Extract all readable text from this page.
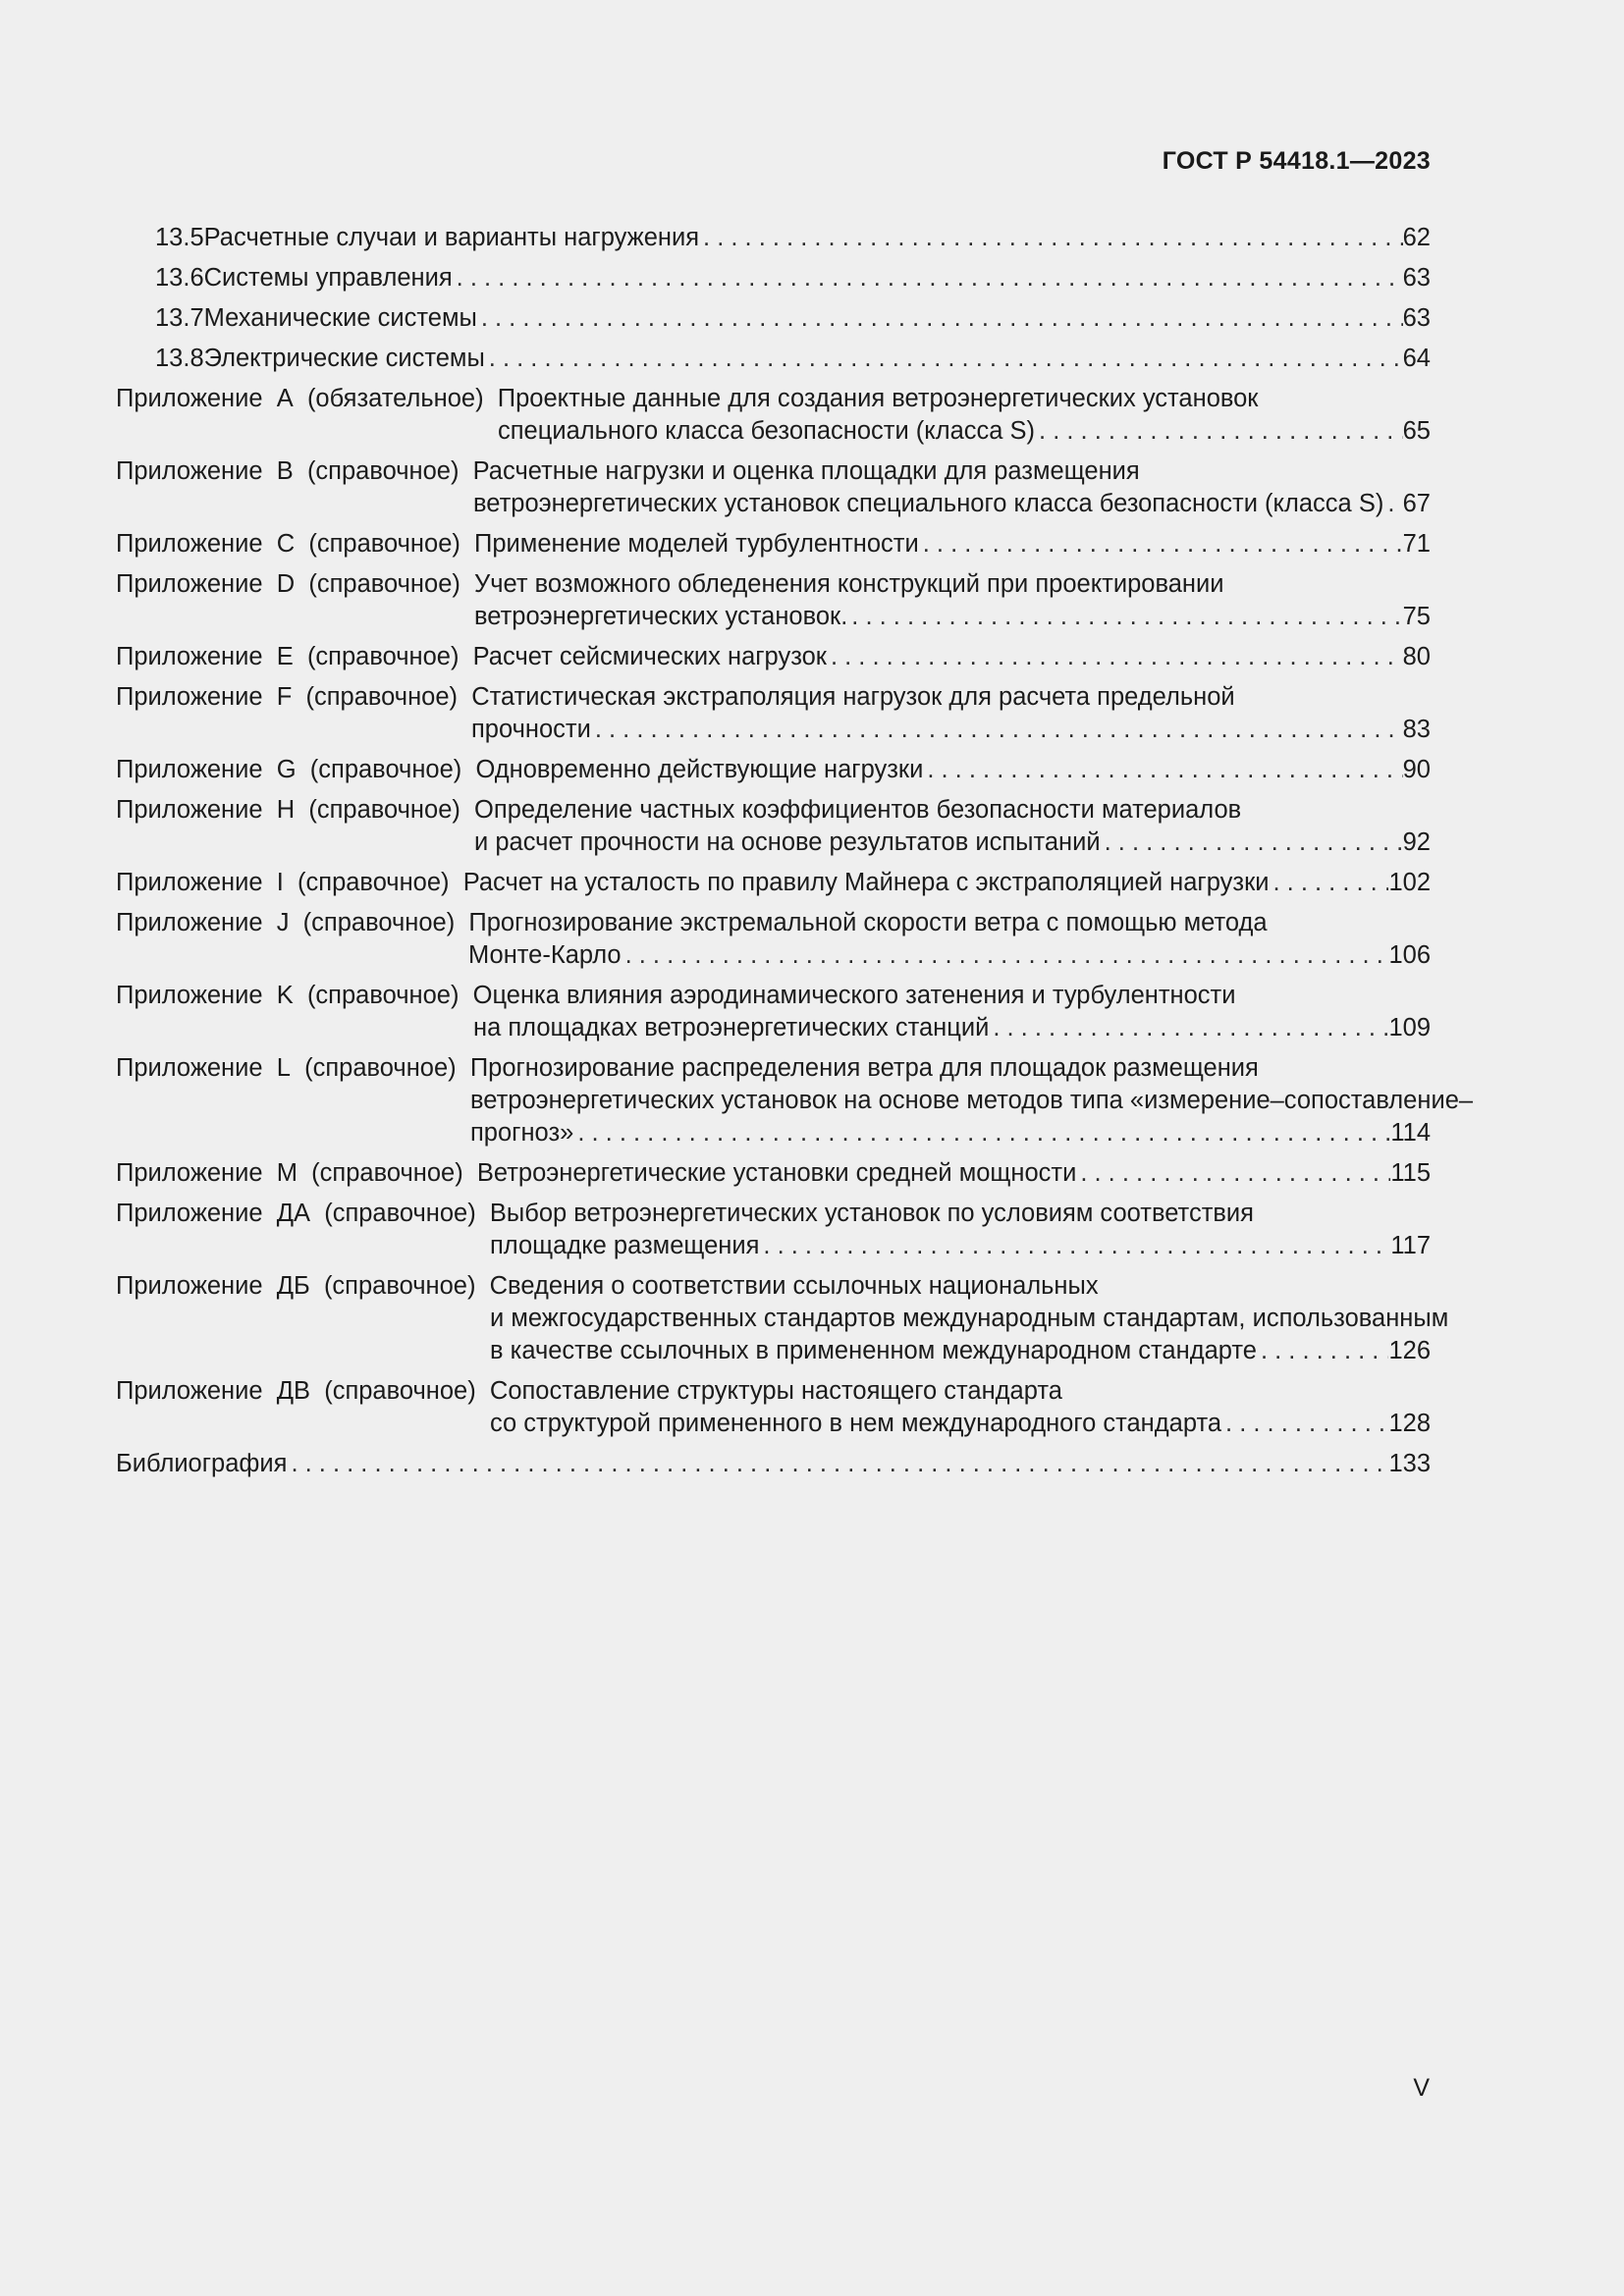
ГОСТ Р 54418.1—2023
13.5 Расчетные случаи и варианты нагружения . . .	62
13.6 Системы управления . . .	63
13.7 Механические системы . . .	63
13.8 Электрические системы . . .	64
Приложение
A
(обязательное)
Проектные данные для создания ветроэнергетических установок
специального класса безопасности (класса S) . . .	65
Приложение
B
(справочное)
Расчетные нагрузки и оценка площадки для размещения
ветроэнергетических установок специального класса безопасности (класса S) . . . 67
Приложение
C
(справочное)
Применение моделей турбулентности . . .	71
Приложение
D
(справочное)
Учет возможного обледенения конструкций при проектировании
ветроэнергетических установок. . . .	75
Приложение
E
(справочное)
Расчет сейсмических нагрузок . . .	80
Приложение
F
(справочное)
Статистическая экстраполяция нагрузок для расчета предельной
прочности . . .	83
Приложение
G
(справочное)
Одновременно действующие нагрузки . . .	90
Приложение
H
(справочное)
Определение частных коэффициентов безопасности материалов
и расчет прочности на основе результатов испытаний . . .	92
Приложение
I
(справочное)
Расчет на усталость по правилу Майнера с экстраполяцией нагрузки . . .	102
Приложение
J
(справочное)
Прогнозирование экстремальной скорости ветра с помощью метода
Монте-Карло . . .	106
Приложение
K
(справочное)
Оценка влияния аэродинамического затенения и турбулентности
на площадках ветроэнергетических станций . . .	109
Приложение
L
(справочное)
Прогнозирование распределения ветра для площадок размещения
ветроэнергетических установок на основе методов типа «измерение–сопоставление–
прогноз» . . .	114
Приложение
M
(справочное)
Ветроэнергетические установки средней мощности . . .	115
Приложение
ДА
(справочное)
Выбор ветроэнергетических установок по условиям соответствия
площадке размещения . . .	117
Приложение
ДБ
(справочное)
Сведения о соответствии ссылочных национальных
и межгосударственных стандартов международным стандартам, использованным
в качестве ссылочных в примененном международном стандарте . . .	126
Приложение
ДВ
(справочное)
Сопоставление структуры настоящего стандарта
со структурой примененного в нем международного стандарта . . .	128
Библиография . . .	133
V
